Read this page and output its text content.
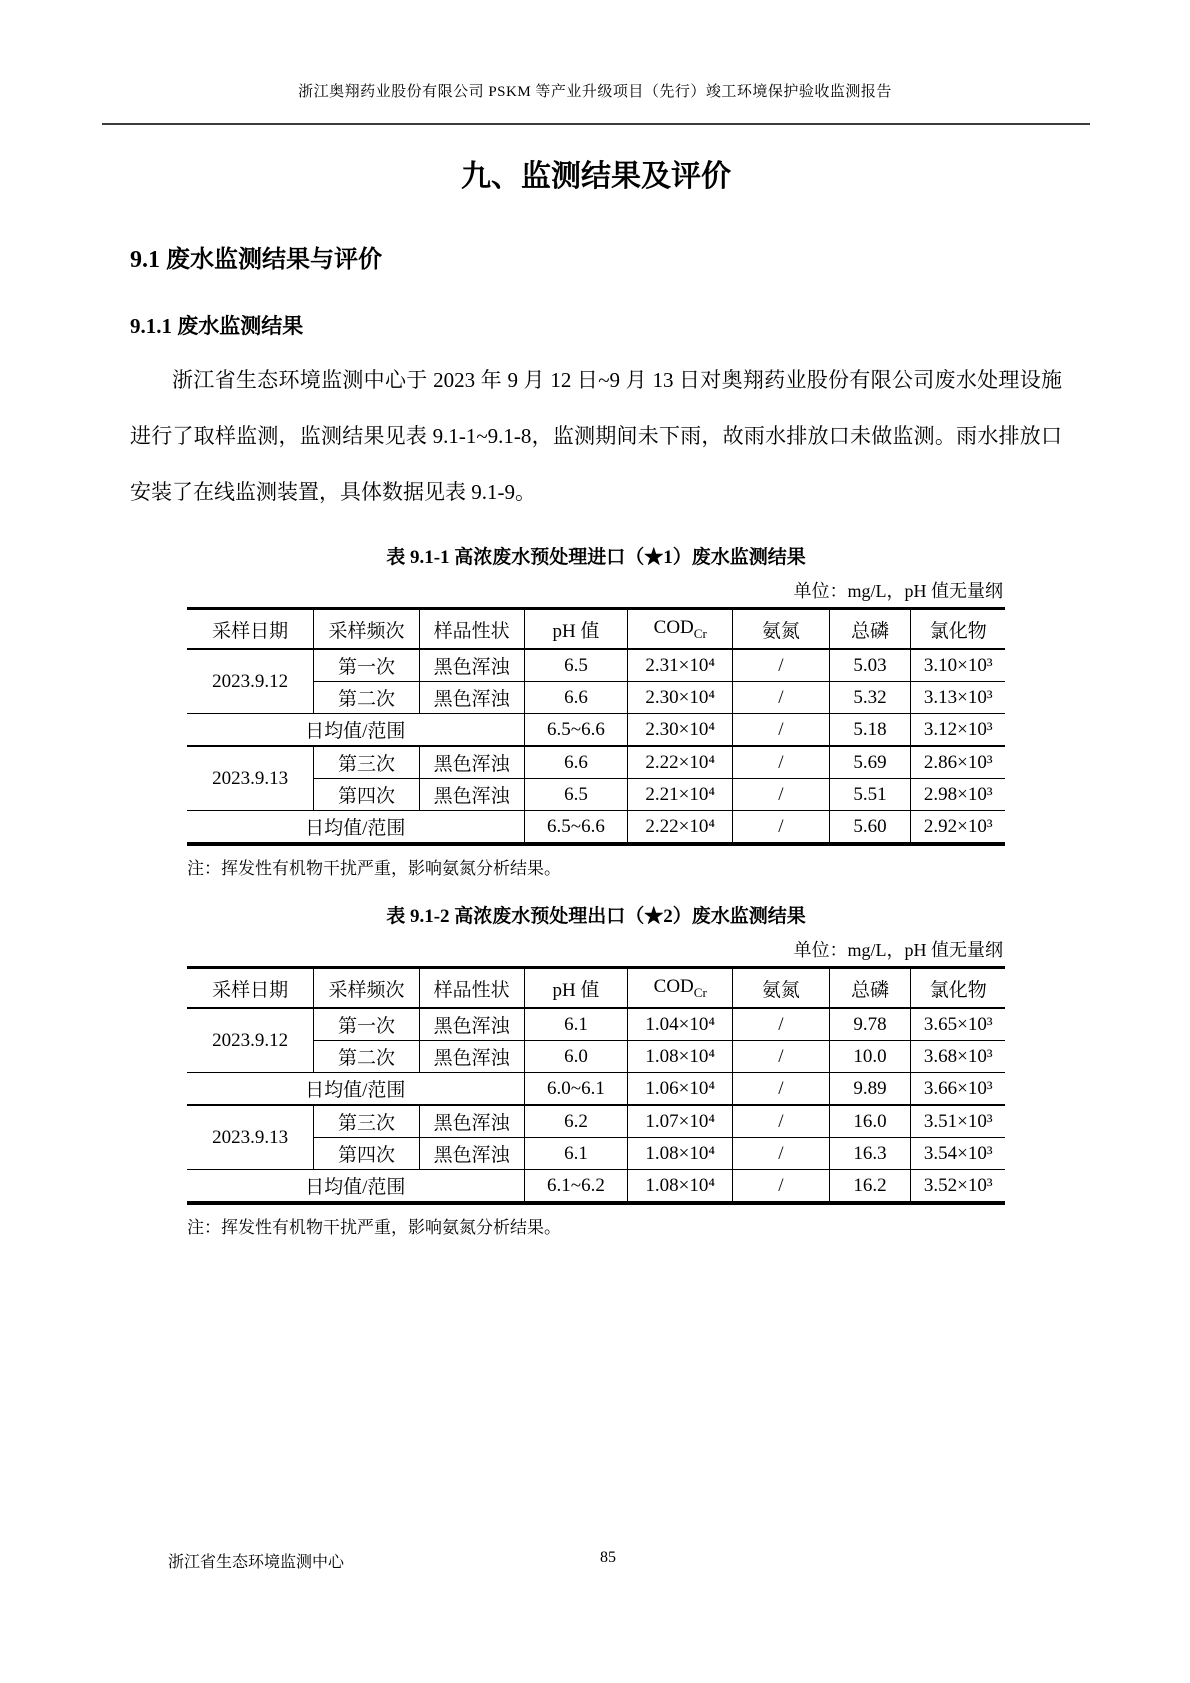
浙江奥翔药业股份有限公司 PSKM 等产业升级项目（先行）竣工环境保护验收监测报告
九、监测结果及评价
9.1 废水监测结果与评价
9.1.1 废水监测结果

浙江省生态环境监测中心于 2023 年 9 月 12 日~9 月 13 日对奥翔药业股份有限公司废水处理设施进行了取样监测，监测结果见表 9.1-1~9.1-8，监测期间未下雨，故雨水排放口未做监测。雨水排放口安装了在线监测装置，具体数据见表 9.1-9。

表 9.1-1 高浓废水预处理进口（★1）废水监测结果
单位：mg/L，pH 值无量纲
采样日期	采样频次	样品性状	pH 值	$COD_{Cr}$	氨氮	总磷	氯化物
2023.9.12	第一次	黑色浑浊	6.5	2.31×10⁴	/	5.03	3.10×10³
	第二次	黑色浑浊	6.6	2.30×10⁴	/	5.32	3.13×10³
日均值/范围			6.5~6.6	2.30×10⁴	/	5.18	3.12×10³
2023.9.13	第三次	黑色浑浊	6.6	2.22×10⁴	/	5.69	2.86×10³
	第四次	黑色浑浊	6.5	2.21×10⁴	/	5.51	2.98×10³
日均值/范围			6.5~6.6	2.22×10⁴	/	5.60	2.92×10³
注：挥发性有机物干扰严重，影响氨氮分析结果。
表 9.1-2 高浓废水预处理出口（★2）废水监测结果
单位：mg/L，pH 值无量纲
采样日期	采样频次	样品性状	pH 值	$COD_{Cr}$	氨氮	总磷	氯化物
2023.9.12	第一次	黑色浑浊	6.1	1.04×10⁴	/	9.78	3.65×10³
	第二次	黑色浑浊	6.0	1.08×10⁴	/	10.0	3.68×10³
日均值/范围			6.0~6.1	1.06×10⁴	/	9.89	3.66×10³
2023.9.13	第三次	黑色浑浊	6.2	1.07×10⁴	/	16.0	3.51×10³
	第四次	黑色浑浊	6.1	1.08×10⁴	/	16.3	3.54×10³
日均值/范围			6.1~6.2	1.08×10⁴	/	16.2	3.52×10³
注：挥发性有机物干扰严重，影响氨氮分析结果。
浙江省生态环境监测中心	85
